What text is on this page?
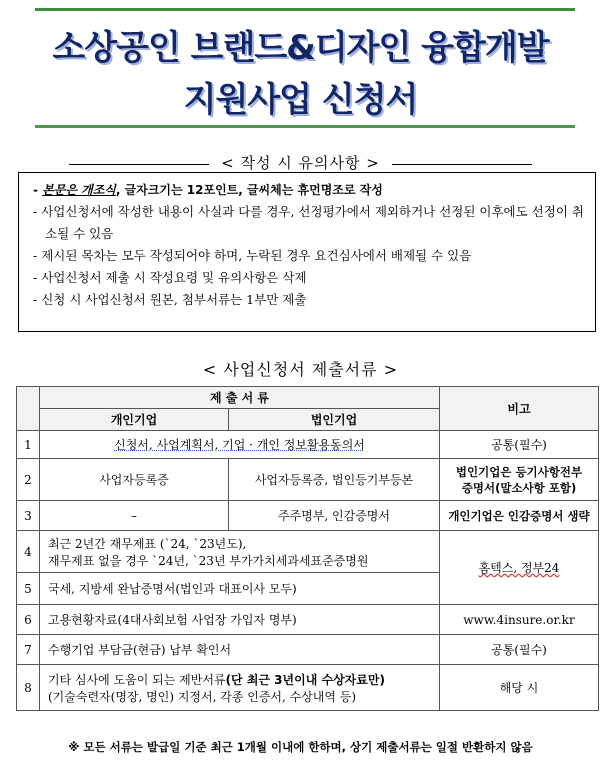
소상공인 브랜드&디자인 융합개발
지원사업 신청서
< 작성 시 유의사항 >
- 본문은 개조식, 글자크기는 12포인트, 글씨체는 휴먼명조로 작성
- 사업신청서에 작성한 내용이 사실과 다를 경우, 선정평가에서 제외하거나 선정된 이후에도 선정이 취소될 수 있음
- 제시된 목차는 모두 작성되어야 하며, 누락된 경우 요건심사에서 배제될 수 있음
- 사업신청서 제출 시 작성요령 및 유의사항은 삭제
- 신청 시 사업신청서 원본, 첨부서류는 1부만 제출
< 사업신청서 제출서류 >
	제 출 서 류		비고
	개인기업	법인기업	
1	신청서, 사업계획서, 기업 · 개인 정보활용동의서		공통(필수)
2	사업자등록증	사업자등록증, 법인등기부등본	법인기업은 등기사항전부
증명서(말소사항 포함)

3	–	주주명부, 인감증명서	개인기업은 인감증명서 생략
4	최근 2년간 재무제표 (`24, `23년도),
재무제표 없을 경우 `24년, `23년 부가가치세과세표준증명원		홈텍스, 정부24
5	국세, 지방세 완납증명서(법인과 대표이사 모두)		
6	고용현황자료(4대사회보험 사업장 가입자 명부)		www.4insure.or.kr
7	수행기업 부담금(현금) 납부 확인서		공통(필수)
8	기타 심사에 도움이 되는 제반서류(단 최근 3년이내 수상자료만)
(기술숙련자(명장, 명인) 지정서, 각종 인증서, 수상내역 등)		해당 시
※ 모든 서류는 발급일 기준 최근 1개월 이내에 한하며, 상기 제출서류는 일절 반환하지 않음
